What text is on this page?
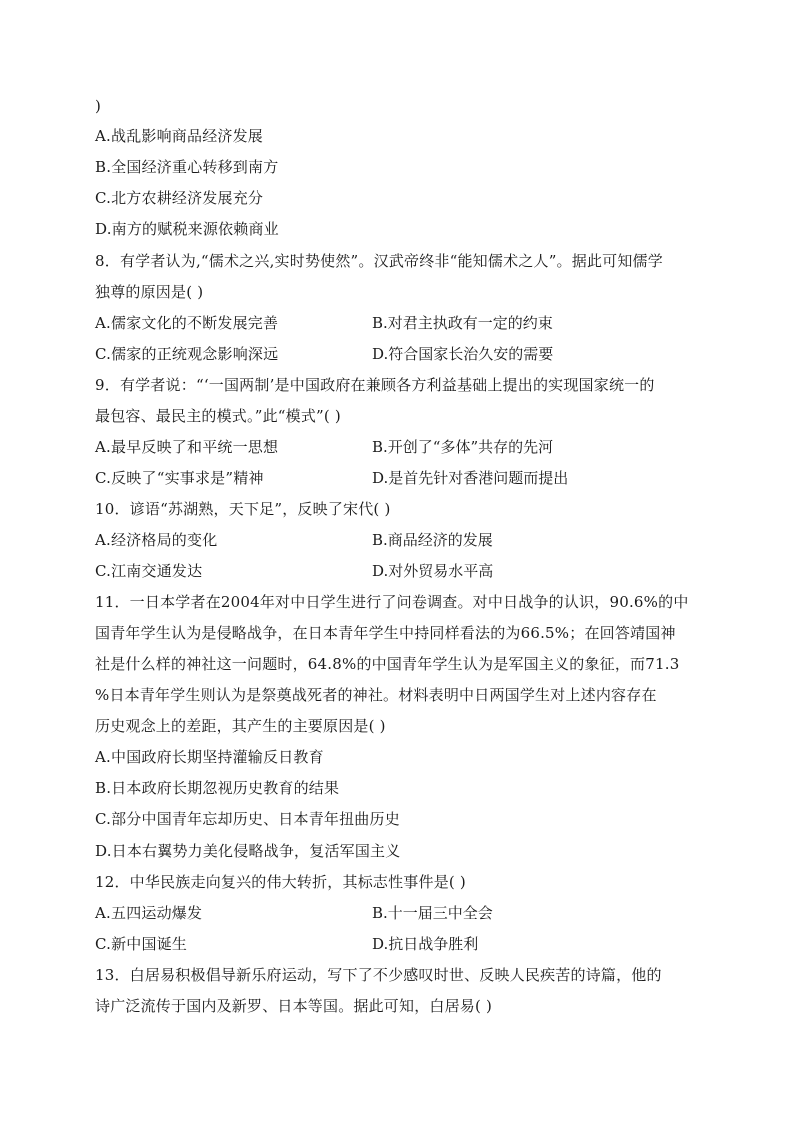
)
A.战乱影响商品经济发展
B.全国经济重心转移到南方
C.北方农耕经济发展充分
D.南方的赋税来源依赖商业
8．有学者认为,“儒术之兴,实时势使然”。汉武帝终非“能知儒术之人”。据此可知儒学
独尊的原因是( )
A.儒家文化的不断发展完善	B.对君主执政有一定的约束
C.儒家的正统观念影响深远	D.符合国家长治久安的需要
9．有学者说：“‘一国两制’是中国政府在兼顾各方利益基础上提出的实现国家统一的
最包容、最民主的模式。”此“模式”( )
A.最早反映了和平统一思想	B.开创了“多体”共存的先河
C.反映了“实事求是”精神	D.是首先针对香港问题而提出
10．谚语“苏湖熟，天下足”，反映了宋代( )
A.经济格局的变化	B.商品经济的发展
C.江南交通发达	D.对外贸易水平高
11．一日本学者在2004年对中日学生进行了问卷调查。对中日战争的认识，90.6%的中
国青年学生认为是侵略战争，在日本青年学生中持同样看法的为66.5%；在回答靖国神
社是什么样的神社这一问题时，64.8%的中国青年学生认为是军国主义的象征，而71.3
%日本青年学生则认为是祭奠战死者的神社。材料表明中日两国学生对上述内容存在
历史观念上的差距，其产生的主要原因是( )
A.中国政府长期坚持灌输反日教育
B.日本政府长期忽视历史教育的结果
C.部分中国青年忘却历史、日本青年扭曲历史
D.日本右翼势力美化侵略战争，复活军国主义
12．中华民族走向复兴的伟大转折，其标志性事件是( )
A.五四运动爆发	B.十一届三中全会
C.新中国诞生	D.抗日战争胜利
13．白居易积极倡导新乐府运动，写下了不少感叹时世、反映人民疾苦的诗篇，他的
诗广泛流传于国内及新罗、日本等国。据此可知，白居易( )
